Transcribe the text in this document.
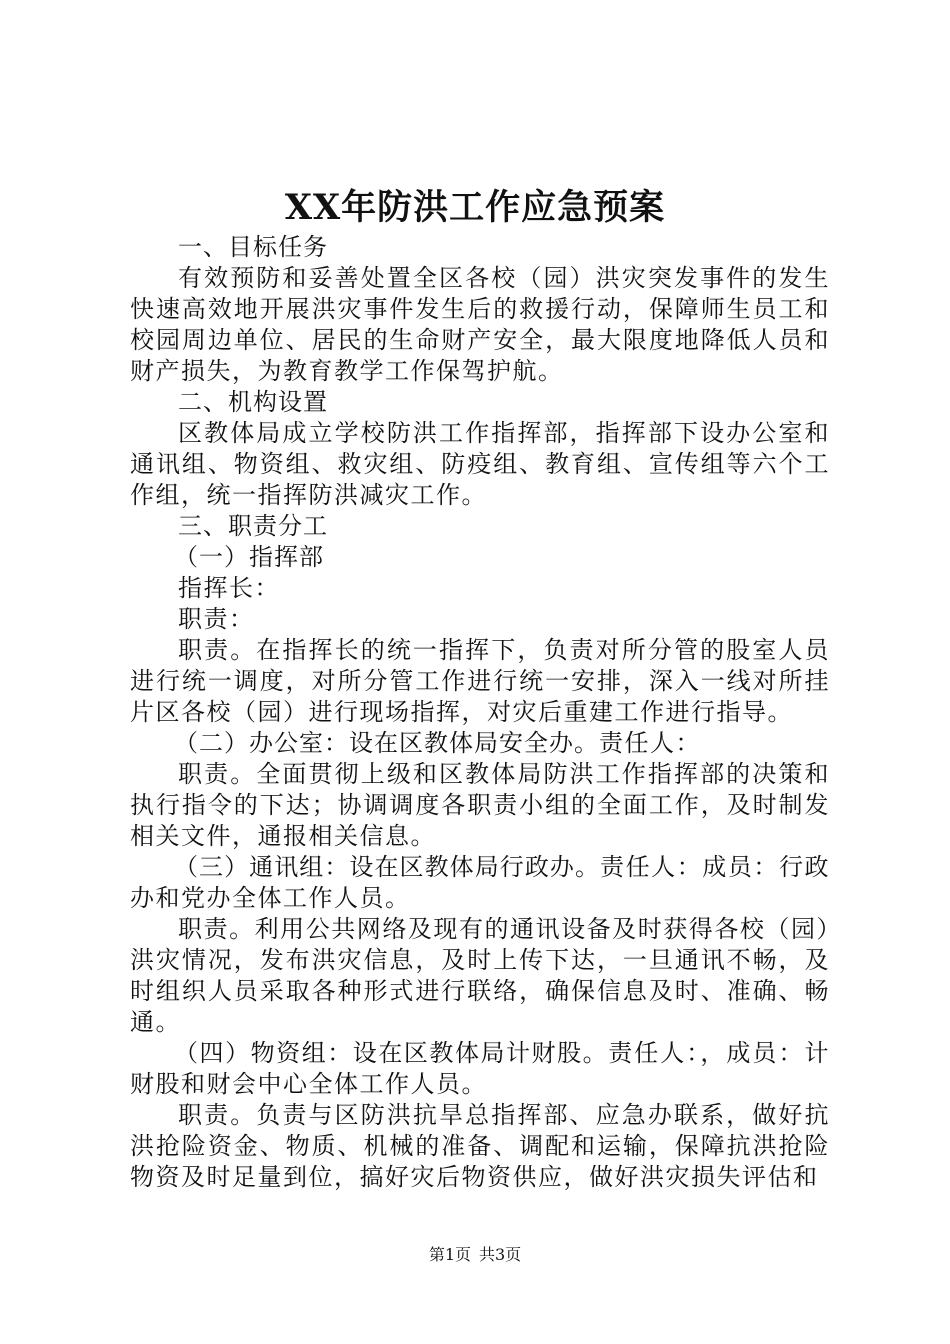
XX年防洪工作应急预案

一、目标任务

有效预防和妥善处置全区各校（园）洪灾突发事件的发生快速高效地开展洪灾事件发生后的救援行动，保障师生员工和校园周边单位、居民的生命财产安全，最大限度地降低人员和财产损失，为教育教学工作保驾护航。

二、机构设置

区教体局成立学校防洪工作指挥部，指挥部下设办公室和通讯组、物资组、救灾组、防疫组、教育组、宣传组等六个工作组，统一指挥防洪减灾工作。

三、职责分工

（一）指挥部

指挥长：

职责：

职责。在指挥长的统一指挥下，负责对所分管的股室人员进行统一调度，对所分管工作进行统一安排，深入一线对所挂片区各校（园）进行现场指挥，对灾后重建工作进行指导。

（二）办公室：设在区教体局安全办。责任人：

职责。全面贯彻上级和区教体局防洪工作指挥部的决策和执行指令的下达；协调调度各职责小组的全面工作，及时制发相关文件，通报相关信息。

（三）通讯组：设在区教体局行政办。责任人：成员：行政办和党办全体工作人员。

职责。利用公共网络及现有的通讯设备及时获得各校（园）洪灾情况，发布洪灾信息，及时上传下达，一旦通讯不畅，及时组织人员采取各种形式进行联络，确保信息及时、准确、畅通。

（四）物资组：设在区教体局计财股。责任人：，成员：计财股和财会中心全体工作人员。

职责。负责与区防洪抗旱总指挥部、应急办联系，做好抗洪抢险资金、物质、机械的准备、调配和运输，保障抗洪抢险物资及时足量到位，搞好灾后物资供应，做好洪灾损失评估和

第1页 共3页
